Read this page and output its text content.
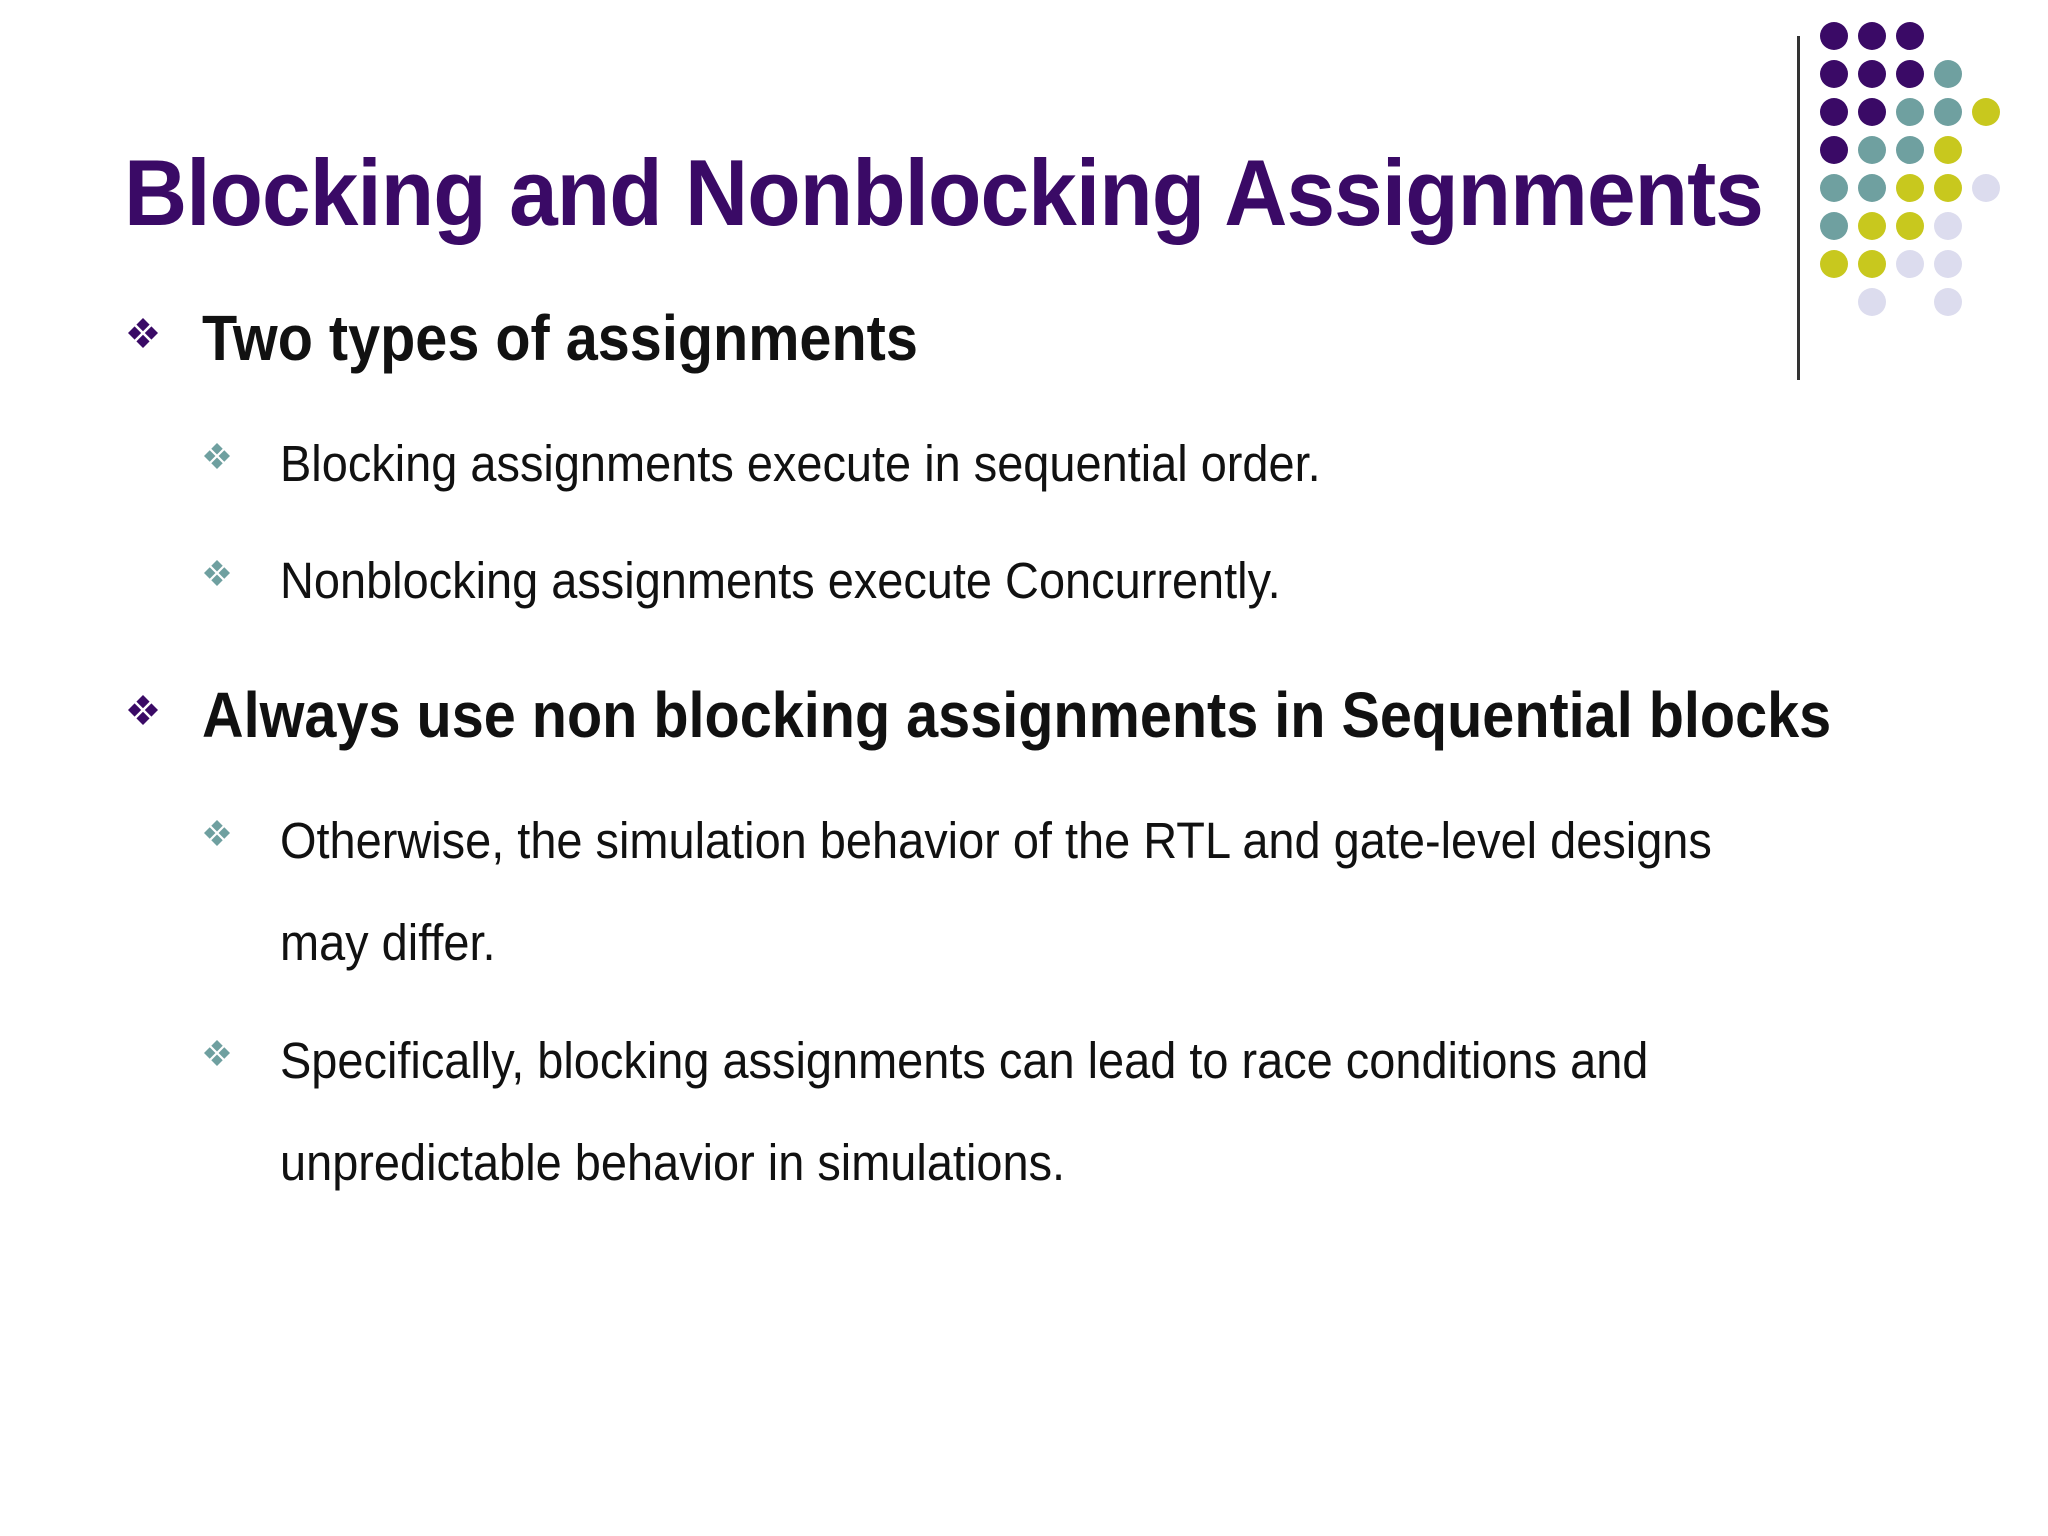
Blocking and Nonblocking Assignments
Two types of assignments
Blocking assignments execute in sequential order.
Nonblocking assignments execute Concurrently.
Always use non blocking assignments in Sequential blocks
Otherwise, the simulation behavior of the RTL and gate-level designs may differ.
Specifically, blocking assignments can lead to race conditions and unpredictable behavior in simulations.
